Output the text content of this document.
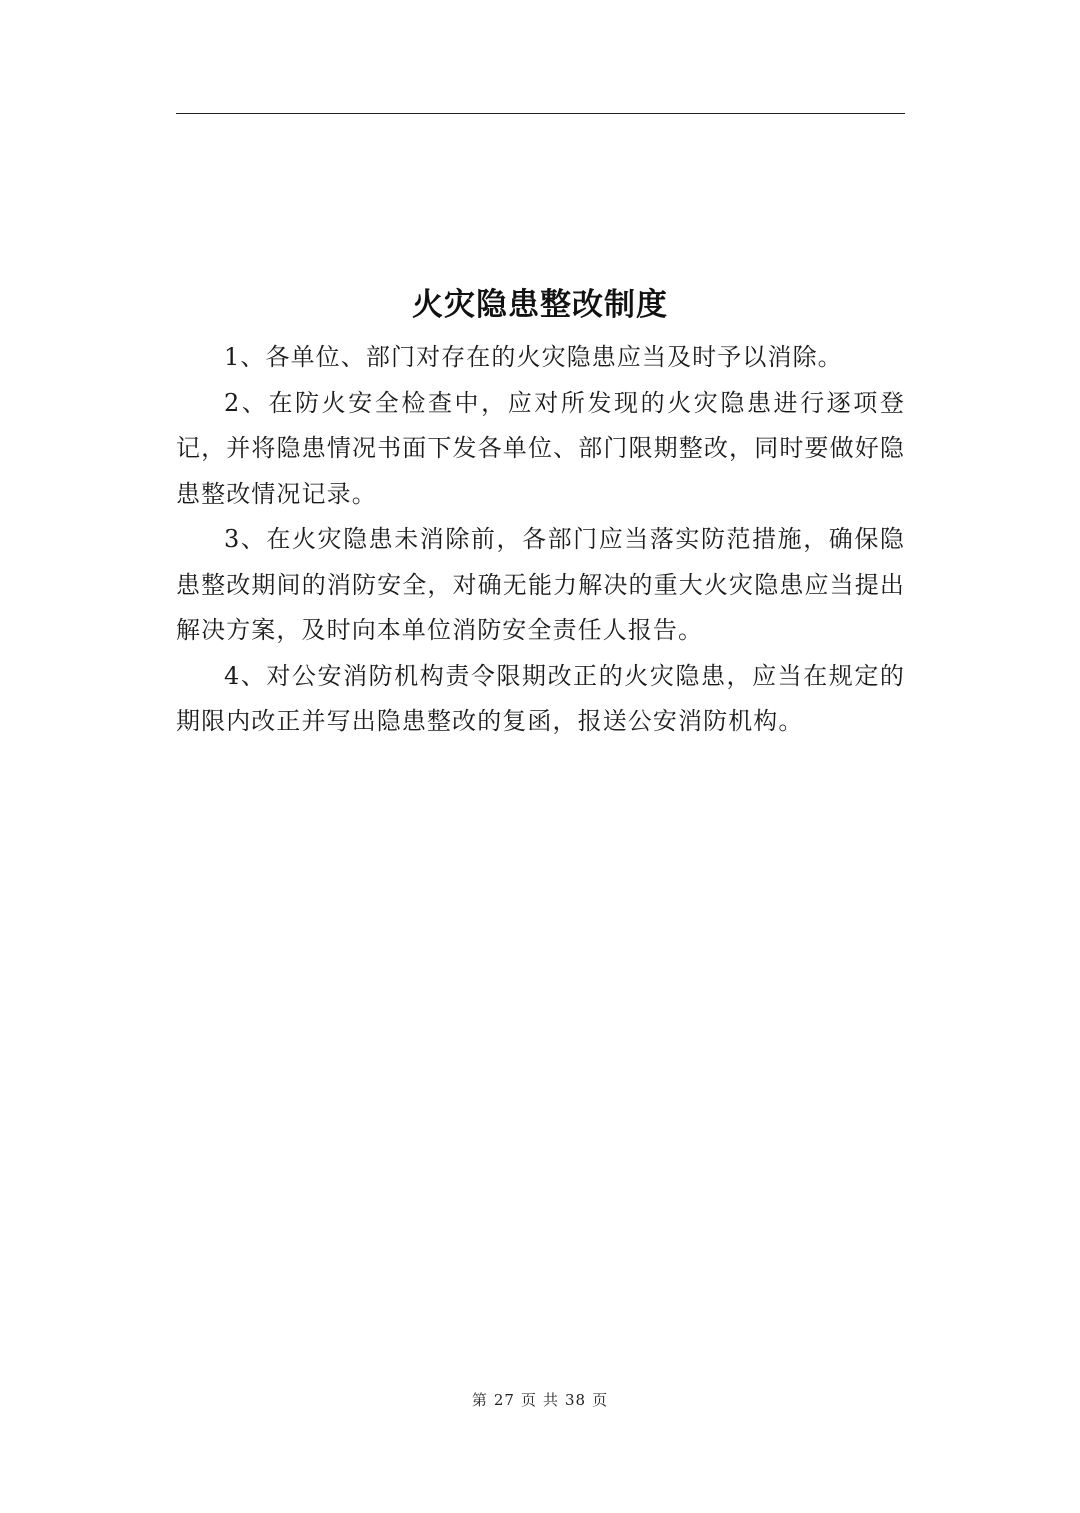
火灾隐患整改制度

1、各单位、部门对存在的火灾隐患应当及时予以消除。

2、在防火安全检查中，应对所发现的火灾隐患进行逐项登记，并将隐患情况书面下发各单位、部门限期整改，同时要做好隐患整改情况记录。

3、在火灾隐患未消除前，各部门应当落实防范措施，确保隐患整改期间的消防安全，对确无能力解决的重大火灾隐患应当提出解决方案，及时向本单位消防安全责任人报告。

4、对公安消防机构责令限期改正的火灾隐患，应当在规定的期限内改正并写出隐患整改的复函，报送公安消防机构。

第 27 页 共 38 页
